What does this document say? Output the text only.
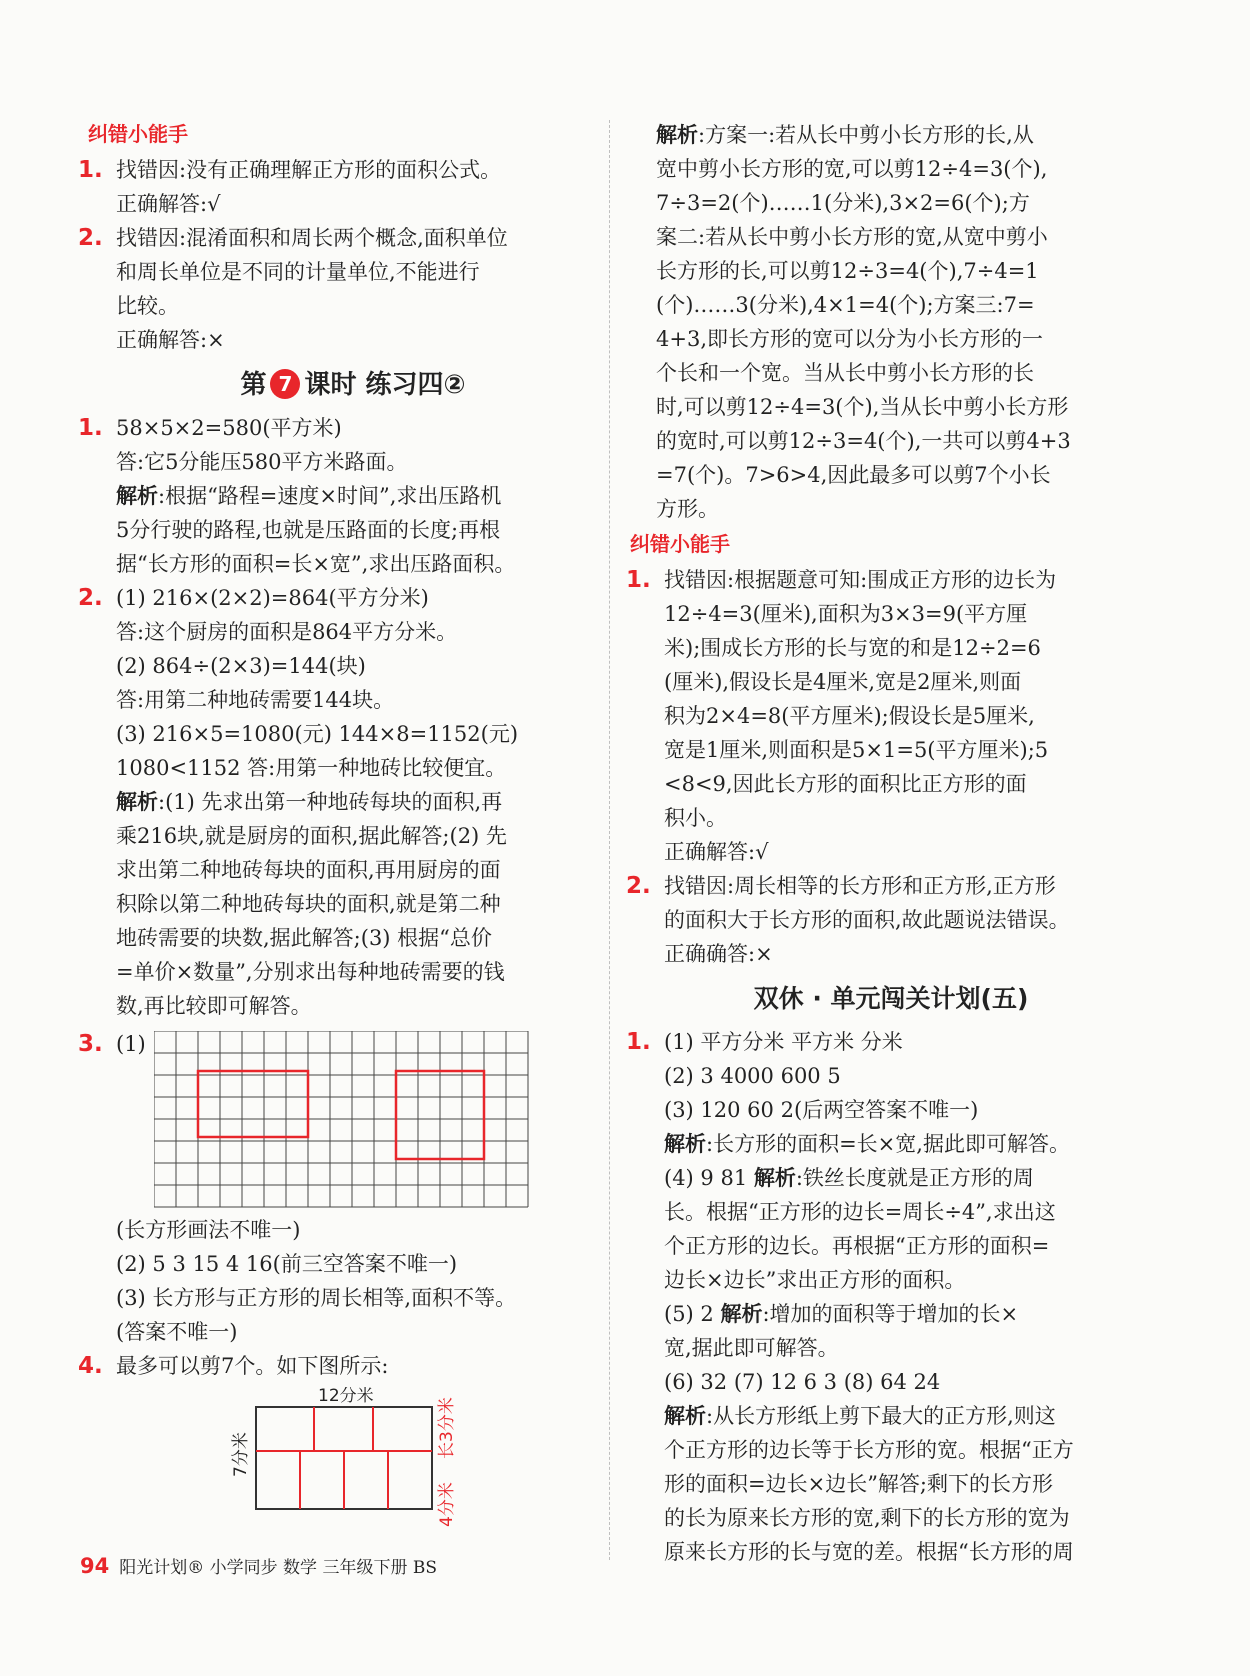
纠错小能手
1. 找错因:没有正确理解正方形的面积公式。
正确解答:√
2. 找错因:混淆面积和周长两个概念,面积单位
和周长单位是不同的计量单位,不能进行
比较。
正确解答:×
第 7 课时 练习四②
1. 58×5×2=580(平方米)
答:它5分能压580平方米路面。
解析:根据“路程=速度×时间”,求出压路机
5分行驶的路程,也就是压路面的长度;再根
据“长方形的面积=长×宽”,求出压路面积。
2. (1) 216×(2×2)=864(平方分米)
答:这个厨房的面积是864平方分米。
(2) 864÷(2×3)=144(块)
答:用第二种地砖需要144块。
(3) 216×5=1080(元) 144×8=1152(元)
1080<1152 答:用第一种地砖比较便宜。
解析:(1) 先求出第一种地砖每块的面积,再
乘216块,就是厨房的面积,据此解答;(2) 先
求出第二种地砖每块的面积,再用厨房的面
积除以第二种地砖每块的面积,就是第二种
地砖需要的块数,据此解答;(3) 根据“总价
=单价×数量”,分别求出每种地砖需要的钱
数,再比较即可解答。
3. (1)
(长方形画法不唯一)
(2) 5 3 15 4 16(前三空答案不唯一)
(3) 长方形与正方形的周长相等,面积不等。
(答案不唯一)
4. 最多可以剪7个。如下图所示:
12分米
7分米	长3分米
4分米
解析:方案一:若从长中剪小长方形的长,从
宽中剪小长方形的宽,可以剪12÷4=3(个),
7÷3=2(个)……1(分米),3×2=6(个);方
案二:若从长中剪小长方形的宽,从宽中剪小
长方形的长,可以剪12÷3=4(个),7÷4=1
(个)……3(分米),4×1=4(个);方案三:7=
4+3,即长方形的宽可以分为小长方形的一
个长和一个宽。当从长中剪小长方形的长
时,可以剪12÷4=3(个),当从长中剪小长方形
的宽时,可以剪12÷3=4(个),一共可以剪4+3
=7(个)。7>6>4,因此最多可以剪7个小长
方形。
纠错小能手
1. 找错因:根据题意可知:围成正方形的边长为
12÷4=3(厘米),面积为3×3=9(平方厘
米);围成长方形的长与宽的和是12÷2=6
(厘米),假设长是4厘米,宽是2厘米,则面
积为2×4=8(平方厘米);假设长是5厘米,
宽是1厘米,则面积是5×1=5(平方厘米);5
<8<9,因此长方形的面积比正方形的面
积小。
正确解答:√
2. 找错因:周长相等的长方形和正方形,正方形
的面积大于长方形的面积,故此题说法错误。
正确确答:×
双休 · 单元闯关计划(五)
1. (1) 平方分米 平方米 分米
(2) 3 4000 600 5
(3) 120 60 2(后两空答案不唯一)
解析:长方形的面积=长×宽,据此即可解答。
(4) 9 81 解析:铁丝长度就是正方形的周
长。根据“正方形的边长=周长÷4”,求出这
个正方形的边长。再根据“正方形的面积=
边长×边长”求出正方形的面积。
(5) 2 解析:增加的面积等于增加的长×
宽,据此即可解答。
(6) 32 (7) 12 6 3 (8) 64 24
解析:从长方形纸上剪下最大的正方形,则这
个正方形的边长等于长方形的宽。根据“正方
形的面积=边长×边长”解答;剩下的长方形
的长为原来长方形的宽,剩下的长方形的宽为
原来长方形的长与宽的差。根据“长方形的周
94 阳光计划® 小学同步 数学 三年级下册 BS
